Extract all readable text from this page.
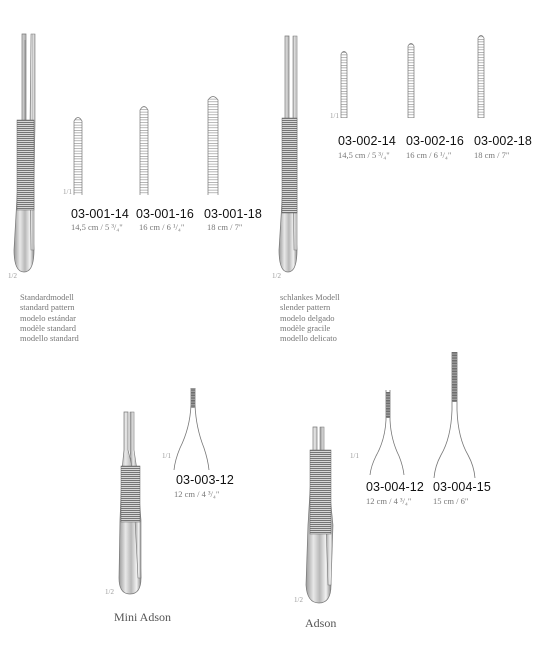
1/2
1/1
03-001-14
14,5 cm / 5 ³/₄"
03-001-16
16 cm / 6 ¹/₄"
03-001-18
18 cm / 7"
Standardmodell
standard pattern
modelo estándar
modèle standard
modello standard
1/2
1/1
03-002-14
14,5 cm / 5 ³/₄"
03-002-16
16 cm / 6 ¹/₄"
03-002-18
18 cm / 7"
schlankes Modell
slender pattern
modelo delgado
modèle gracile
modello delicato
1/2
1/1
03-003-12
12 cm / 4 ³/₄"
Mini Adson
1/2
1/1
03-004-12
12 cm / 4 ³/₄"
03-004-15
15 cm / 6"
Adson
